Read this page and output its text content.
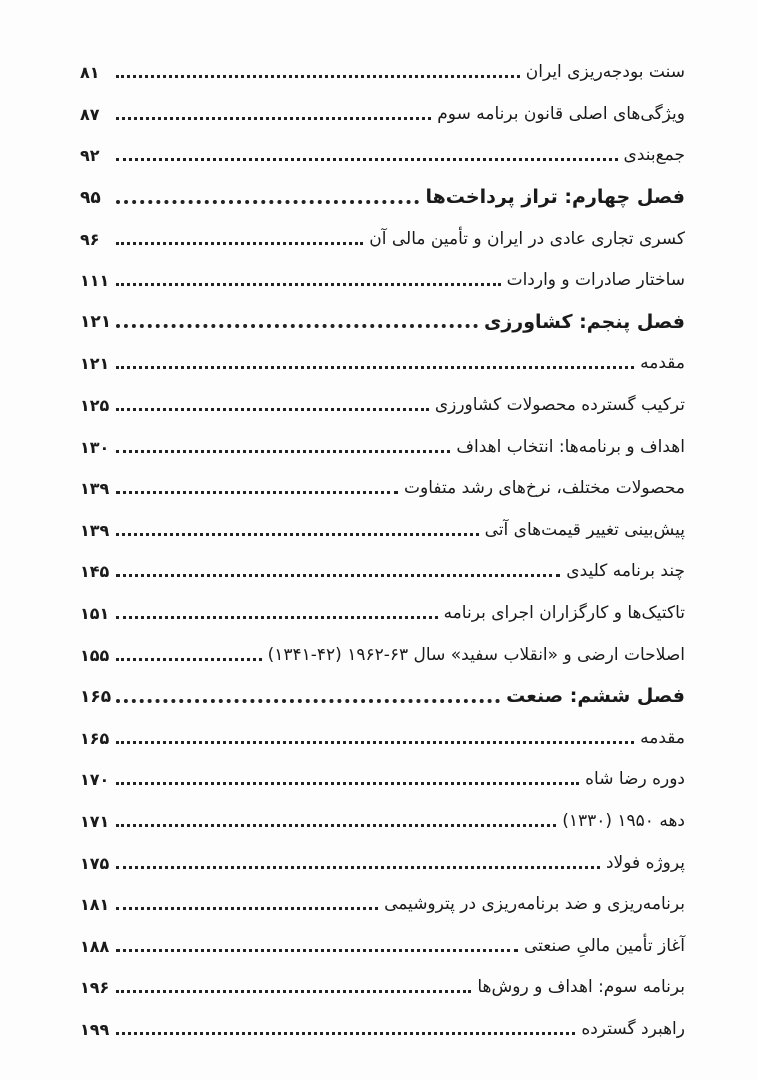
سنت بودجه‌ریزی ایران
۸۱
ویژگی‌های اصلی قانون برنامه سوم
۸۷
جمع‌بندی
۹۲
فصل چهارم: تراز پرداخت‌ها
۹۵
کسری تجاری عادی در ایران و تأمین مالی آن
۹۶
ساختار صادرات و واردات
۱۱۱
فصل پنجم: کشاورزی
۱۲۱
مقدمه
۱۲۱
ترکیب گسترده محصولات کشاورزی
۱۲۵
اهداف و برنامه‌ها: انتخاب اهداف
۱۳۰
محصولات مختلف، نرخ‌های رشد متفاوت
۱۳۹
پیش‌بینی تغییر قیمت‌های آتی
۱۳۹
چند برنامه کلیدی
۱۴۵
تاکتیک‌ها و کارگزاران اجرای برنامه
۱۵۱
اصلاحات ارضی و «انقلاب سفید» سال ۶۳-۱۹۶۲ (۴۲-۱۳۴۱)
۱۵۵
فصل ششم: صنعت
۱۶۵
مقدمه
۱۶۵
دوره رضا شاه
۱۷۰
دهه ۱۹۵۰ (۱۳۳۰)
۱۷۱
پروژه فولاد
۱۷۵
برنامه‌ریزی و ضد برنامه‌ریزی در پتروشیمی
۱۸۱
آغاز تأمین مالیِ صنعتی
۱۸۸
برنامه سوم: اهداف و روش‌ها
۱۹۶
راهبرد گسترده
۱۹۹
